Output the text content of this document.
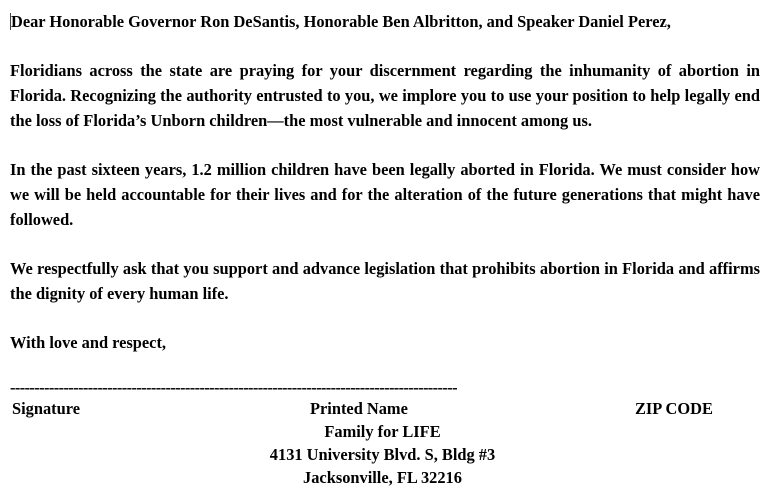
Dear Honorable Governor Ron DeSantis, Honorable Ben Albritton, and Speaker Daniel Perez,

Floridians across the state are praying for your discernment regarding the inhumanity of abortion in Florida. Recognizing the authority entrusted to you, we implore you to use your position to help legally end the loss of Florida’s Unborn children—the most vulnerable and innocent among us.

In the past sixteen years, 1.2 million children have been legally aborted in Florida. We must consider how we will be held accountable for their lives and for the alteration of the future generations that might have followed.

We respectfully ask that you support and advance legislation that prohibits abortion in Florida and affirms the dignity of every human life.

With love and respect,

--------------------------------------------------------------------------------------------
Signature	Printed Name	ZIP CODE
Family for LIFE
4131 University Blvd. S, Bldg #3
Jacksonville, FL 32216
